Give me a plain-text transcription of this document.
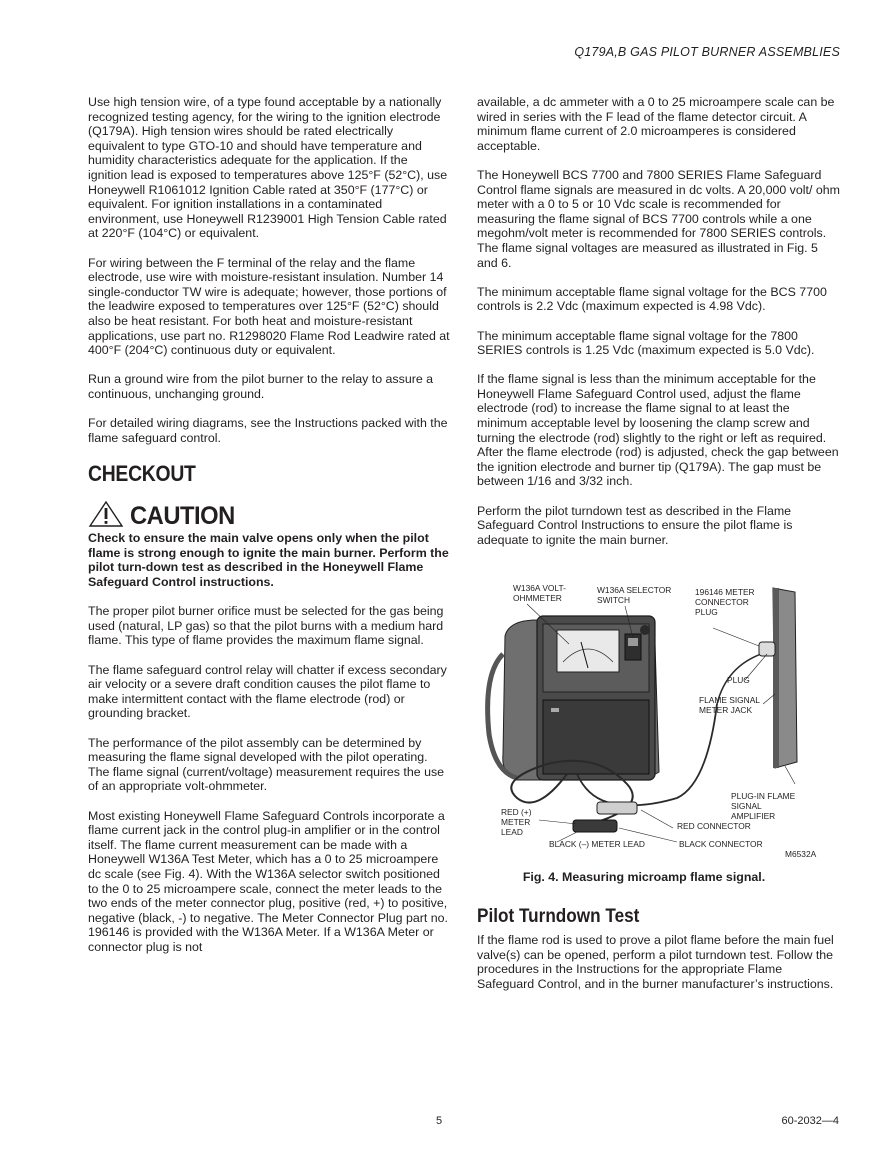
Q179A,B GAS PILOT BURNER ASSEMBLIES

Use high tension wire, of a type found acceptable by a nationally recognized testing agency, for the wiring to the ignition electrode (Q179A). High tension wires should be rated electrically equivalent to type GTO-10 and should have temperature and humidity characteristics adequate for the application. If the ignition lead is exposed to temperatures above 125°F (52°C), use Honeywell R1061012 Ignition Cable rated at 350°F (177°C) or equivalent. For ignition installations in a contaminated environment, use Honeywell R1239001 High Tension Cable rated at 220°F (104°C) or equivalent.

For wiring between the F terminal of the relay and the flame electrode, use wire with moisture-resistant insulation. Number 14 single-conductor TW wire is adequate; however, those portions of the leadwire exposed to temperatures over 125°F (52°C) should also be heat resistant. For both heat and moisture-resistant applications, use part no. R1298020 Flame Rod Leadwire rated at 400°F (204°C) continuous duty or equivalent.

Run a ground wire from the pilot burner to the relay to assure a continuous, unchanging ground.

For detailed wiring diagrams, see the Instructions packed with the flame safeguard control.

CHECKOUT
CAUTION

Check to ensure the main valve opens only when the pilot flame is strong enough to ignite the main burner. Perform the pilot turn-down test as described in the Honeywell Flame Safeguard Control instructions.

The proper pilot burner orifice must be selected for the gas being used (natural, LP gas) so that the pilot burns with a medium hard flame. This type of flame provides the maximum flame signal.

The flame safeguard control relay will chatter if excess secondary air velocity or a severe draft condition causes the pilot flame to make intermittent contact with the flame electrode (rod) or grounding bracket.

The performance of the pilot assembly can be determined by measuring the flame signal developed with the pilot operating. The flame signal (current/voltage) measurement requires the use of an appropriate volt-ohmmeter.

Most existing Honeywell Flame Safeguard Controls incorporate a flame current jack in the control plug-in amplifier or in the control itself. The flame current measurement can be made with a Honeywell W136A Test Meter, which has a 0 to 25 microampere dc scale (see Fig. 4). With the W136A selector switch positioned to the 0 to 25 microampere scale, connect the meter leads to the two ends of the meter connector plug, positive (red, +) to positive, negative (black, -) to negative. The Meter Connector Plug part no. 196146 is provided with the W136A Meter. If a W136A Meter or connector plug is not

available, a dc ammeter with a 0 to 25 microampere scale can be wired in series with the F lead of the flame detector circuit. A minimum flame current of 2.0 microamperes is considered acceptable.

The Honeywell BCS 7700 and 7800 SERIES Flame Safeguard Control flame signals are measured in dc volts. A 20,000 volt/ ohm meter with a 0 to 5 or 10 Vdc scale is recommended for measuring the flame signal of BCS 7700 controls while a one megohm/volt meter is recommended for 7800 SERIES controls. The flame signal voltages are measured as illustrated in Fig. 5 and 6.

The minimum acceptable flame signal voltage for the BCS 7700 controls is 2.2 Vdc (maximum expected is 4.98 Vdc).

The minimum acceptable flame signal voltage for the 7800 SERIES controls is 1.25 Vdc (maximum expected is 5.0 Vdc).

If the flame signal is less than the minimum acceptable for the Honeywell Flame Safeguard Control used, adjust the flame electrode (rod) to increase the flame signal to at least the minimum acceptable level by loosening the clamp screw and turning the electrode (rod) slightly to the right or left as required. After the flame electrode (rod) is adjusted, check the gap between the ignition electrode and burner tip (Q179A). The gap must be between 1/16 and 3/32 inch.

Perform the pilot turndown test as described in the Flame Safeguard Control Instructions to ensure the pilot flame is adequate to ignite the main burner.

W136A VOLT-
OHMMETER
W136A SELECTOR
SWITCH
196146 METER
CONNECTOR
PLUG
PLUG
FLAME SIGNAL
METER JACK
PLUG-IN FLAME
SIGNAL AMPLIFIER
RED (+)
METER
LEAD
RED CONNECTOR
BLACK (–) METER LEAD	BLACK CONNECTOR
M6532A
Fig. 4. Measuring microamp flame signal.
Pilot Turndown Test

If the flame rod is used to prove a pilot flame before the main fuel valve(s) can be opened, perform a pilot turndown test. Follow the procedures in the Instructions for the appropriate Flame Safeguard Control, and in the burner manufacturer’s instructions.

5	60-2032—4
